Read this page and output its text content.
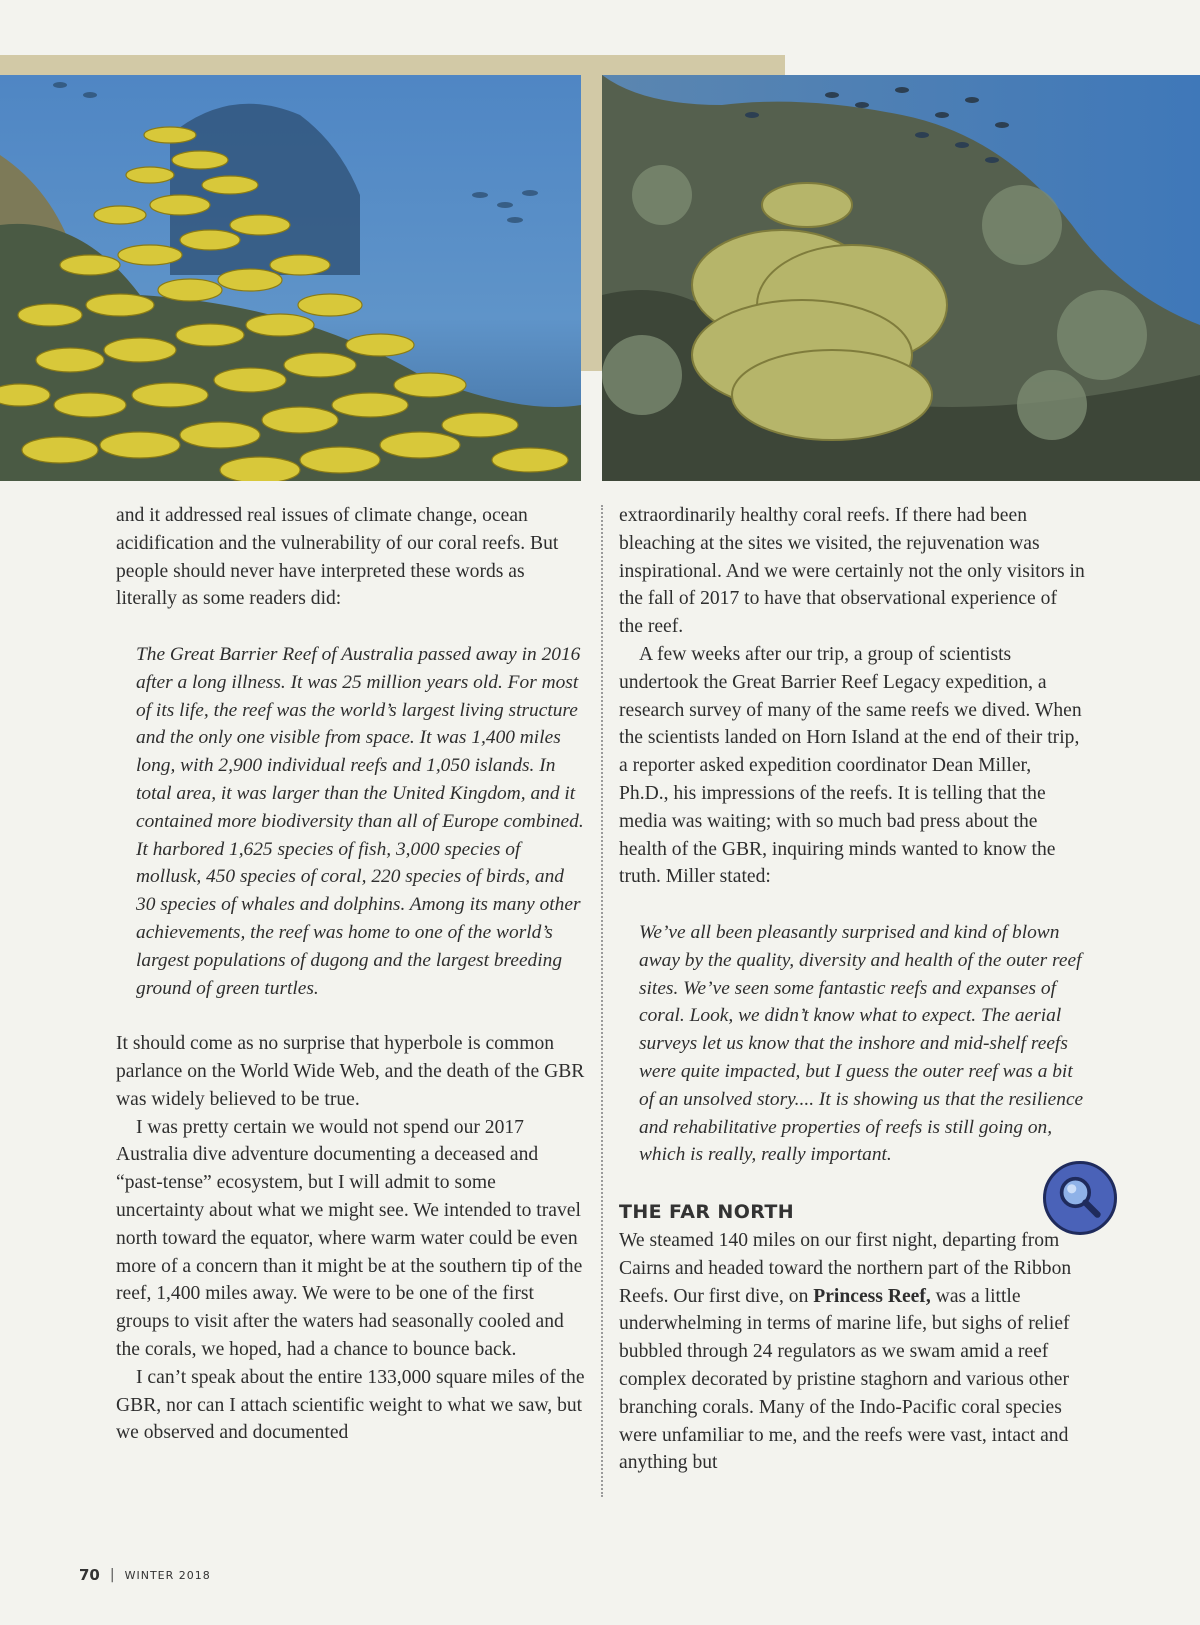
and it addressed real issues of climate change, ocean acidification and the vulnerability of our coral reefs. But people should never have interpreted these words as literally as some readers did:

The Great Barrier Reef of Australia passed away in 2016 after a long illness. It was 25 million years old. For most of its life, the reef was the world’s largest living structure and the only one visible from space. It was 1,400 miles long, with 2,900 individual reefs and 1,050 islands. In total area, it was larger than the United Kingdom, and it contained more biodiversity than all of Europe combined. It harbored 1,625 species of fish, 3,000 species of mollusk, 450 species of coral, 220 species of birds, and 30 species of whales and dolphins. Among its many other achievements, the reef was home to one of the world’s largest populations of dugong and the largest breeding ground of green turtles.

It should come as no surprise that hyperbole is common parlance on the World Wide Web, and the death of the GBR was widely believed to be true.

I was pretty certain we would not spend our 2017 Australia dive adventure documenting a deceased and “past-tense” ecosystem, but I will admit to some uncertainty about what we might see. We intended to travel north toward the equator, where warm water could be even more of a concern than it might be at the southern tip of the reef, 1,400 miles away. We were to be one of the first groups to visit after the waters had seasonally cooled and the corals, we hoped, had a chance to bounce back.

I can’t speak about the entire 133,000 square miles of the GBR, nor can I attach scientific weight to what we saw, but we observed and documented

extraordinarily healthy coral reefs. If there had been bleaching at the sites we visited, the rejuvenation was inspirational. And we were certainly not the only visitors in the fall of 2017 to have that observational experience of the reef.

A few weeks after our trip, a group of scientists undertook the Great Barrier Reef Legacy expedition, a research survey of many of the same reefs we dived. When the scientists landed on Horn Island at the end of their trip, a reporter asked expedition coordinator Dean Miller, Ph.D., his impressions of the reefs. It is telling that the media was waiting; with so much bad press about the health of the GBR, inquiring minds wanted to know the truth. Miller stated:

We’ve all been pleasantly surprised and kind of blown away by the quality, diversity and health of the outer reef sites. We’ve seen some fantastic reefs and expanses of coral. Look, we didn’t know what to expect. The aerial surveys let us know that the inshore and mid-shelf reefs were quite impacted, but I guess the outer reef was a bit of an unsolved story.... It is showing us that the resilience and rehabilitative properties of reefs is still going on, which is really, really important.

THE FAR NORTH

We steamed 140 miles on our first night, departing from Cairns and headed toward the northern part of the Ribbon Reefs. Our first dive, on Princess Reef, was a little underwhelming in terms of marine life, but sighs of relief bubbled through 24 regulators as we swam amid a reef complex decorated by pristine staghorn and various other branching corals. Many of the Indo-Pacific coral species were unfamiliar to me, and the reefs were vast, intact and anything but

70 | WINTER 2018
